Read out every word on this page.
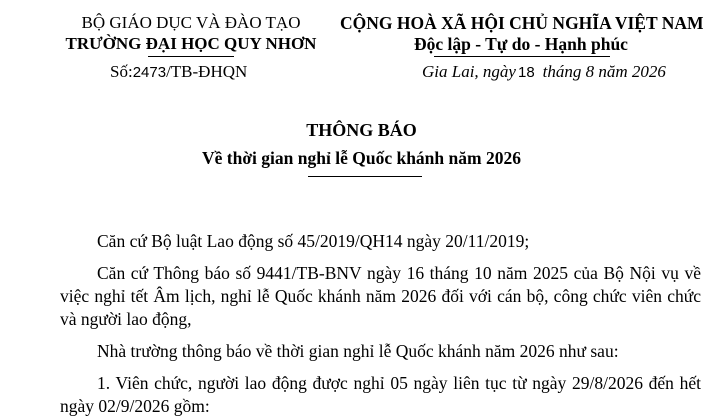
BỘ GIÁO DỤC VÀ ĐÀO TẠO
TRƯỜNG ĐẠI HỌC QUY NHƠN
Số:2473/TB-ĐHQN
CỘNG HOÀ XÃ HỘI CHỦ NGHĨA VIỆT NAM
Độc lập - Tự do - Hạnh phúc
Gia Lai, ngày 18 tháng 8 năm 2026
THÔNG BÁO
Về thời gian nghỉ lễ Quốc khánh năm 2026

Căn cứ Bộ luật Lao động số 45/2019/QH14 ngày 20/11/2019;

Căn cứ Thông báo số 9441/TB-BNV ngày 16 tháng 10 năm 2025 của Bộ Nội vụ về việc nghỉ tết Âm lịch, nghỉ lễ Quốc khánh năm 2026 đối với cán bộ, công chức viên chức và người lao động,

Nhà trường thông báo về thời gian nghỉ lễ Quốc khánh năm 2026 như sau:

1. Viên chức, người lao động được nghỉ 05 ngày liên tục từ ngày 29/8/2026 đến hết ngày 02/9/2026 gồm:
